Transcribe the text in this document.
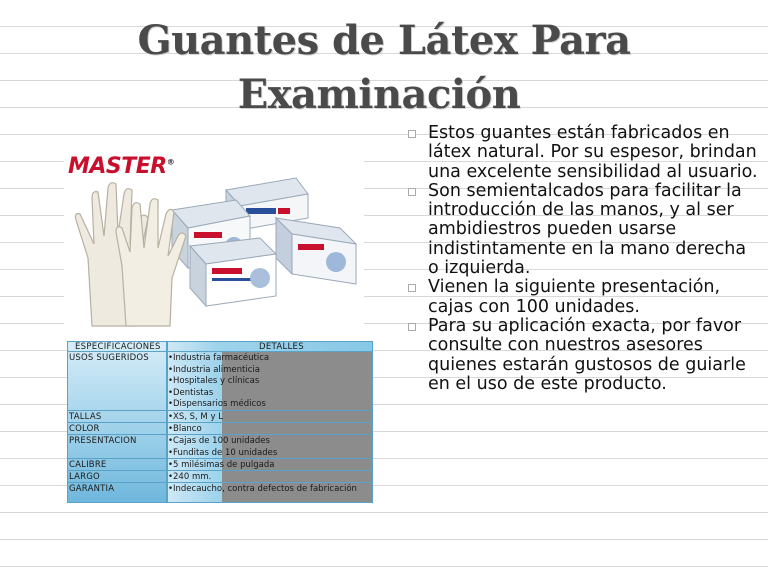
Guantes de Látex Para
Examinación
MASTER®
ESPECIFICACIONES	DETALLES
USOS SUGERIDOS •Industria farmacéutica
•Industria alimenticia
•Hospitales y clínicas
•Dentistas
•Dispensarios médicos
TALLAS	•XS, S, M y L
COLOR	•Blanco
PRESENTACION	•Cajas de 100 unidades
•Funditas de 10 unidades
CALIBRE	•5 milésimas de pulgada
LARGO	•240 mm.
GARANTIA	•Indecaucho, contra defectos de fabricación
Estos guantes están fabricados en látex natural. Por su espesor, brindan una excelente sensibilidad al usuario.
Son semientalcados para facilitar la introducción de las manos, y al ser ambidiestros pueden usarse indistintamente en la mano derecha o izquierda.
Vienen la siguiente presentación, cajas con 100 unidades.
Para su aplicación exacta, por favor consulte con nuestros asesores quienes estarán gustosos de guiarle en el uso de este producto.
